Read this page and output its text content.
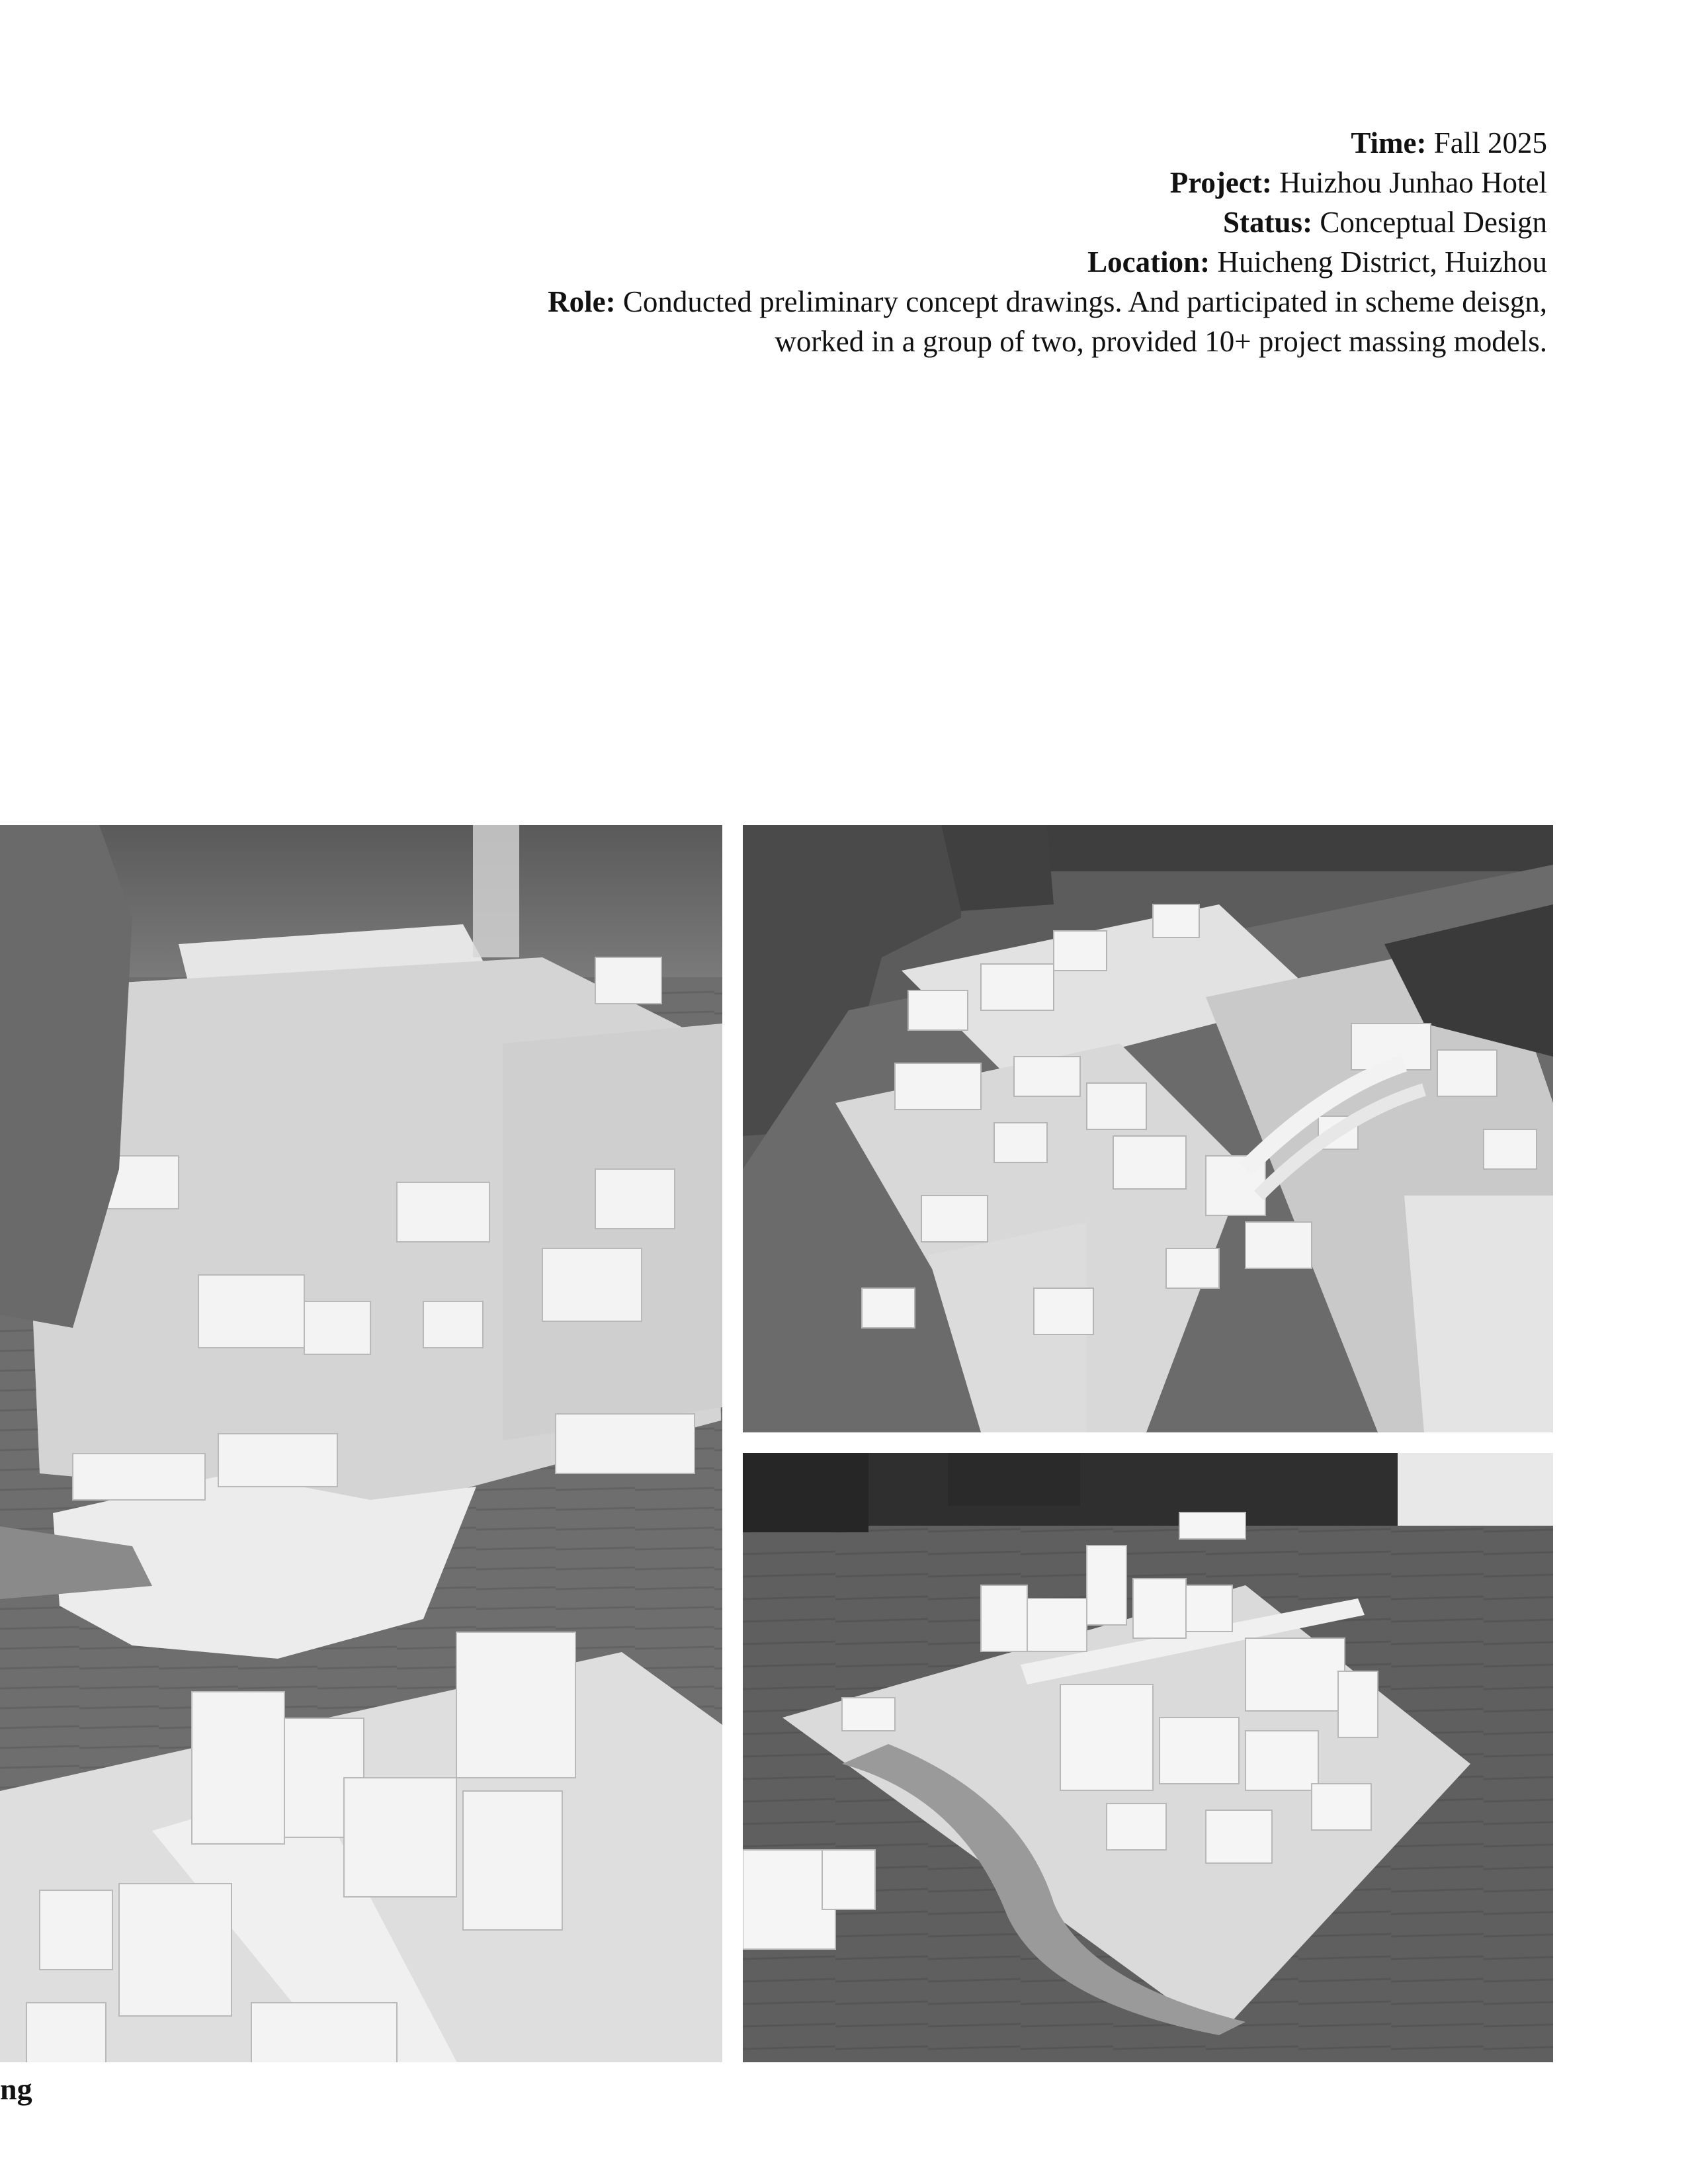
Time: Fall 2025
Project: Huizhou Junhao Hotel
Status: Conceptual Design
Location: Huicheng District, Huizhou
Role: Conducted preliminary concept drawings. And participated in scheme deisgn,
worked in a group of two, provided 10+ project massing models.
ng
